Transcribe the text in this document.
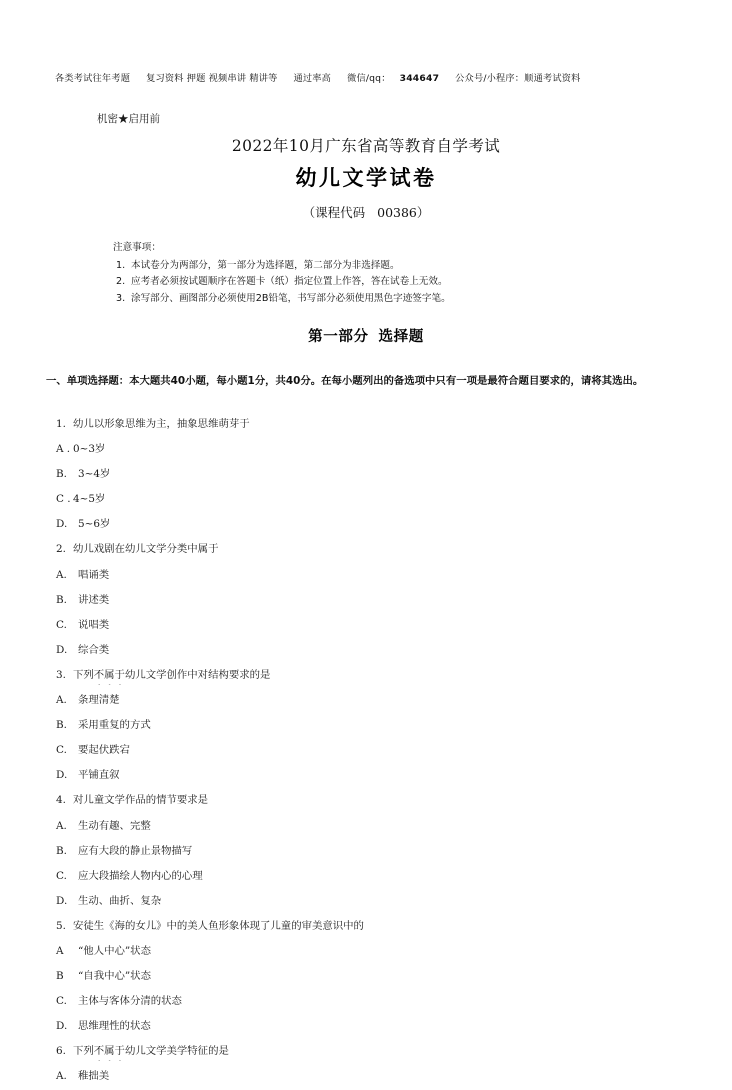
各类考试往年考题 复习资料 押题 视频串讲 精讲等 通过率高 微信/qq： 344647 公众号/小程序：顺通考试资料
机密★启用前
2022年10月广东省高等教育自学考试
幼儿文学试卷
（课程代码 00386）
注意事项：
1. 本试卷分为两部分，第一部分为选择题，第二部分为非选择题。
2. 应考者必须按试题顺序在答题卡（纸）指定位置上作答，答在试卷上无效。
3. 涂写部分、画图部分必须使用2B铅笔，书写部分必须使用黑色字迹签字笔。
第一部分 选择题
一、单项选择题：本大题共40小题，每小题1分，共40分。在每小题列出的备选项中只有一项是最符合题目要求的，请将其选出。
1. 幼儿以形象思维为主，抽象思维萌芽于
A . 0~3岁
B. 3~4岁
C . 4~5岁
D. 5~6岁
2. 幼儿戏剧在幼儿文学分类中属于
A. 唱诵类
B. 讲述类
C. 说唱类
D. 综合类
3. 下列不属于幼儿文学创作中对结构要求的是
A. 条理清楚
B. 采用重复的方式
C. 要起伏跌宕
D. 平铺直叙
4. 对儿童文学作品的情节要求是
A. 生动有趣、完整
B. 应有大段的静止景物描写
C. 应大段描绘人物内心的心理
D. 生动、曲折、复杂
5. 安徒生《海的女儿》中的美人鱼形象体现了儿童的审美意识中的
A “他人中心”状态
B “自我中心”状态
C. 主体与客体分清的状态
D. 思维理性的状态
6. 下列不属于幼儿文学美学特征的是
A. 稚拙美
